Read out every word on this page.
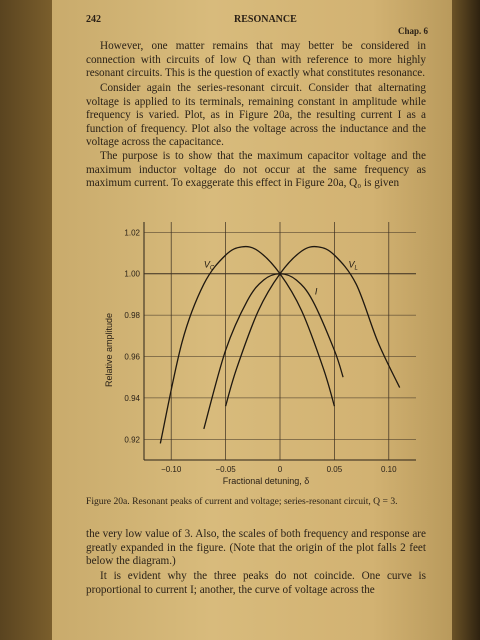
242	RESONANCE
Chap. 6
However, one matter remains that may better be considered in connection with circuits of low Q than with reference to more highly resonant circuits. This is the question of exactly what constitutes resonance.
Consider again the series-resonant circuit. Consider that alternating voltage is applied to its terminals, remaining constant in amplitude while frequency is varied. Plot, as in Figure 20a, the resulting current I as a function of frequency. Plot also the voltage across the inductance and the voltage across the capacitance.
The purpose is to show that the maximum capacitor voltage and the maximum inductor voltage do not occur at the same frequency as maximum current. To exaggerate this effect in Figure 20a, Q₀ is given
−0.10	−0.05	0	0.05	0.10
0.92
0.94
0.96
0.98
1.00
1.02
$V_C$	$V_L$
I
Fractional detuning, δ
Relative amplitude
Figure 20a. Resonant peaks of current and voltage; series-resonant circuit, Q = 3.
the very low value of 3. Also, the scales of both frequency and response are greatly expanded in the figure. (Note that the origin of the plot falls 2 feet below the diagram.)
It is evident why the three peaks do not coincide. One curve is proportional to current I; another, the curve of voltage across the
